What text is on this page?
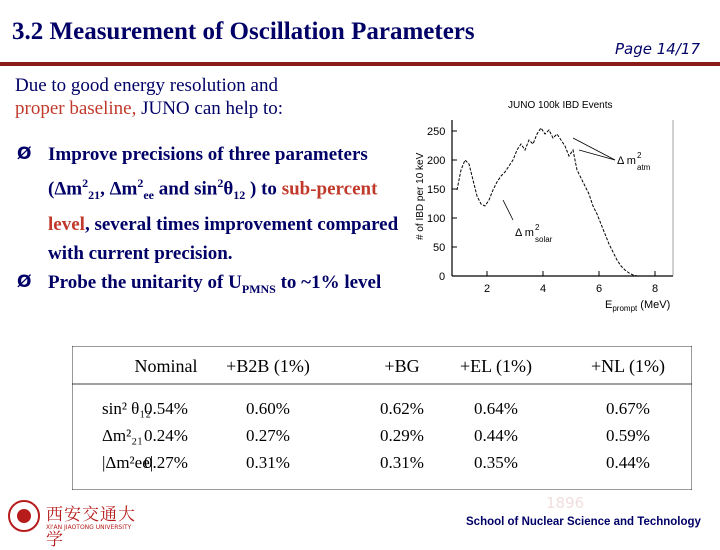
3.2 Measurement of Oscillation Parameters
Page 14/17
Due to good energy resolution and
proper baseline, JUNO can help to:
Ø Improve precisions of three parameters ($\Delta m^2_{21}$, $\Delta m^2_{ee}$ and $\sin^2\theta_{12}$ ) to sub-percent level, several times improvement compared with current precision.
Ø Probe the unitarity of $U_{PMNS}$ to ~1% level
JUNO 100k IBD Events
0
50
100
150
200
250
2	4	6	8
# of IBD per 10 keV
$E_{prompt}$ (MeV)
Δ m 2
atm
Δ m 2
solar
Nominal +B2B (1%)	+BG +EL (1%)	+NL (1%)
sin² θ₁₂
0.54%	0.60%	0.62%	0.64%	0.67%
Δm²₂₁ 0.24%	0.27%	0.29%	0.44%	0.59%
|Δm²ee|
0.27%	0.31%	0.31%	0.35%	0.44%
1896
西安交通大学
XI'AN JIAOTONG UNIVERSITY	School of Nuclear Science and Technology
